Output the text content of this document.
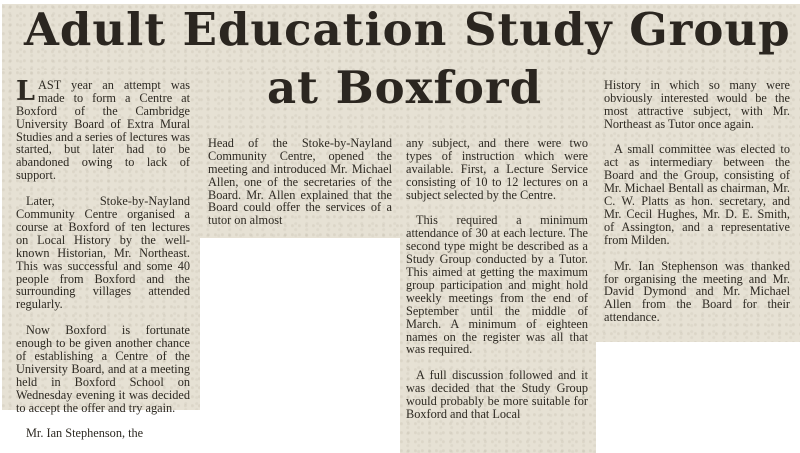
Adult Education Study Group
at Boxford

LAST year an attempt was made to form a Centre at Boxford of the Cambridge University Board of Extra Mural Studies and a series of lectures was started, but later had to be abandoned owing to lack of support.

Later, Stoke-by-Nayland Community Centre organised a course at Boxford of ten lectures on Local History by the well-known Historian, Mr. Northeast. This was successful and some 40 people from Boxford and the surrounding villages attended regularly.

Now Boxford is fortunate enough to be given another chance of establishing a Centre of the University Board, and at a meeting held in Boxford School on Wednesday evening it was decided to accept the offer and try again.

Mr. Ian Stephenson, the

Head of the Stoke-by-Nayland Community Centre, opened the meeting and introduced Mr. Michael Allen, one of the secretaries of the Board. Mr. Allen explained that the Board could offer the services of a tutor on almost

any subject, and there were two types of instruction which were available. First, a Lecture Service consisting of 10 to 12 lectures on a subject selected by the Centre.

This required a minimum attendance of 30 at each lecture. The second type might be described as a Study Group conducted by a Tutor. This aimed at getting the maximum group participation and might hold weekly meetings from the end of September until the middle of March. A minimum of eighteen names on the register was all that was required.

A full discussion followed and it was decided that the Study Group would probably be more suitable for Boxford and that Local

History in which so many were obviously interested would be the most attractive subject, with Mr. Northeast as Tutor once again.

A small committee was elected to act as intermediary between the Board and the Group, consisting of Mr. Michael Bentall as chairman, Mr. C. W. Platts as hon. secretary, and Mr. Cecil Hughes, Mr. D. E. Smith, of Assington, and a representative from Milden.

Mr. Ian Stephenson was thanked for organising the meeting and Mr. David Dymond and Mr. Michael Allen from the Board for their attendance.
